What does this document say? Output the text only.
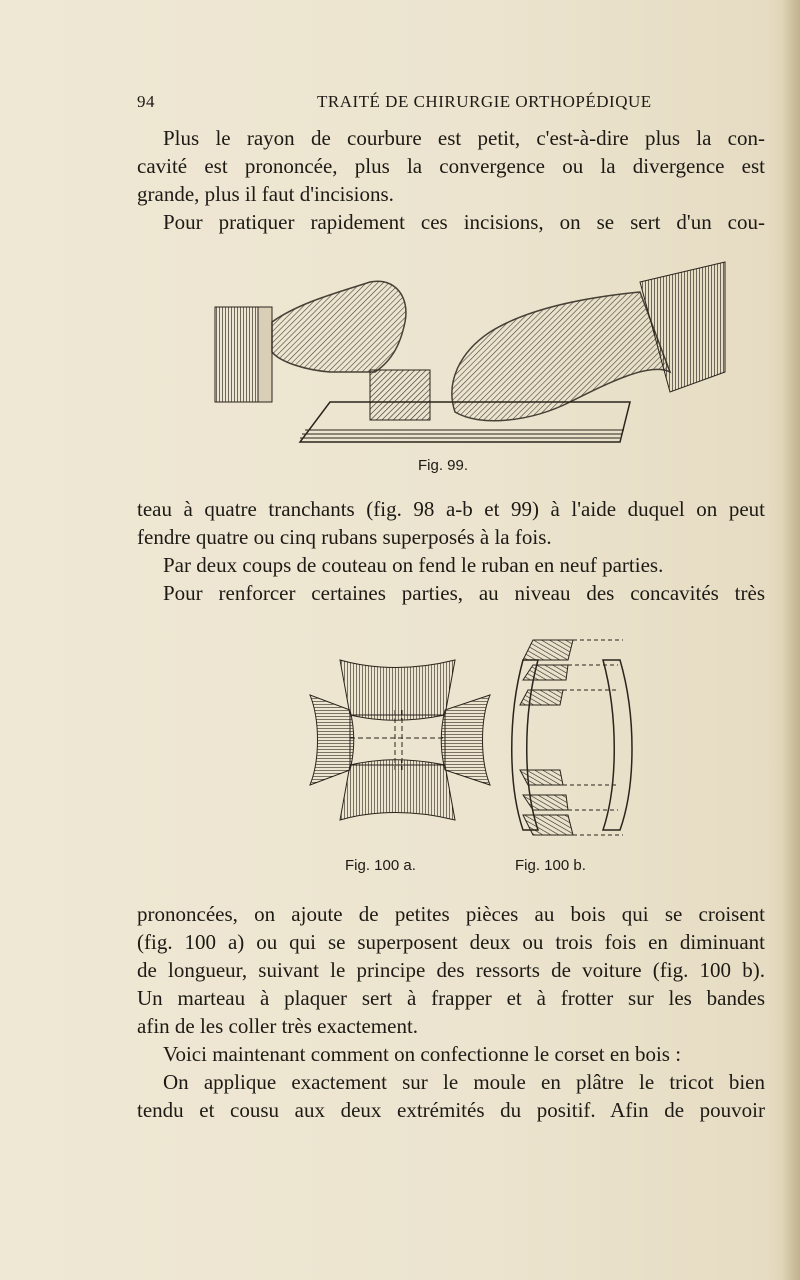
94	TRAITÉ DE CHIRURGIE ORTHOPÉDIQUE
Plus le rayon de courbure est petit, c'est-à-dire plus la con-
cavité est prononcée, plus la convergence ou la divergence est
grande, plus il faut d'incisions.
Pour pratiquer rapidement ces incisions, on se sert d'un cou-
Fig. 99.
teau à quatre tranchants (fig. 98 a-b et 99) à l'aide duquel on peut
fendre quatre ou cinq rubans superposés à la fois.
Par deux coups de couteau on fend le ruban en neuf parties.
Pour renforcer certaines parties, au niveau des concavités très
Fig. 100 a.	Fig. 100 b.
prononcées, on ajoute de petites pièces au bois qui se croisent
(fig. 100 a) ou qui se superposent deux ou trois fois en diminuant
de longueur, suivant le principe des ressorts de voiture (fig. 100 b).
Un marteau à plaquer sert à frapper et à frotter sur les bandes
afin de les coller très exactement.
Voici maintenant comment on confectionne le corset en bois :
On applique exactement sur le moule en plâtre le tricot bien
tendu et cousu aux deux extrémités du positif. Afin de pouvoir
